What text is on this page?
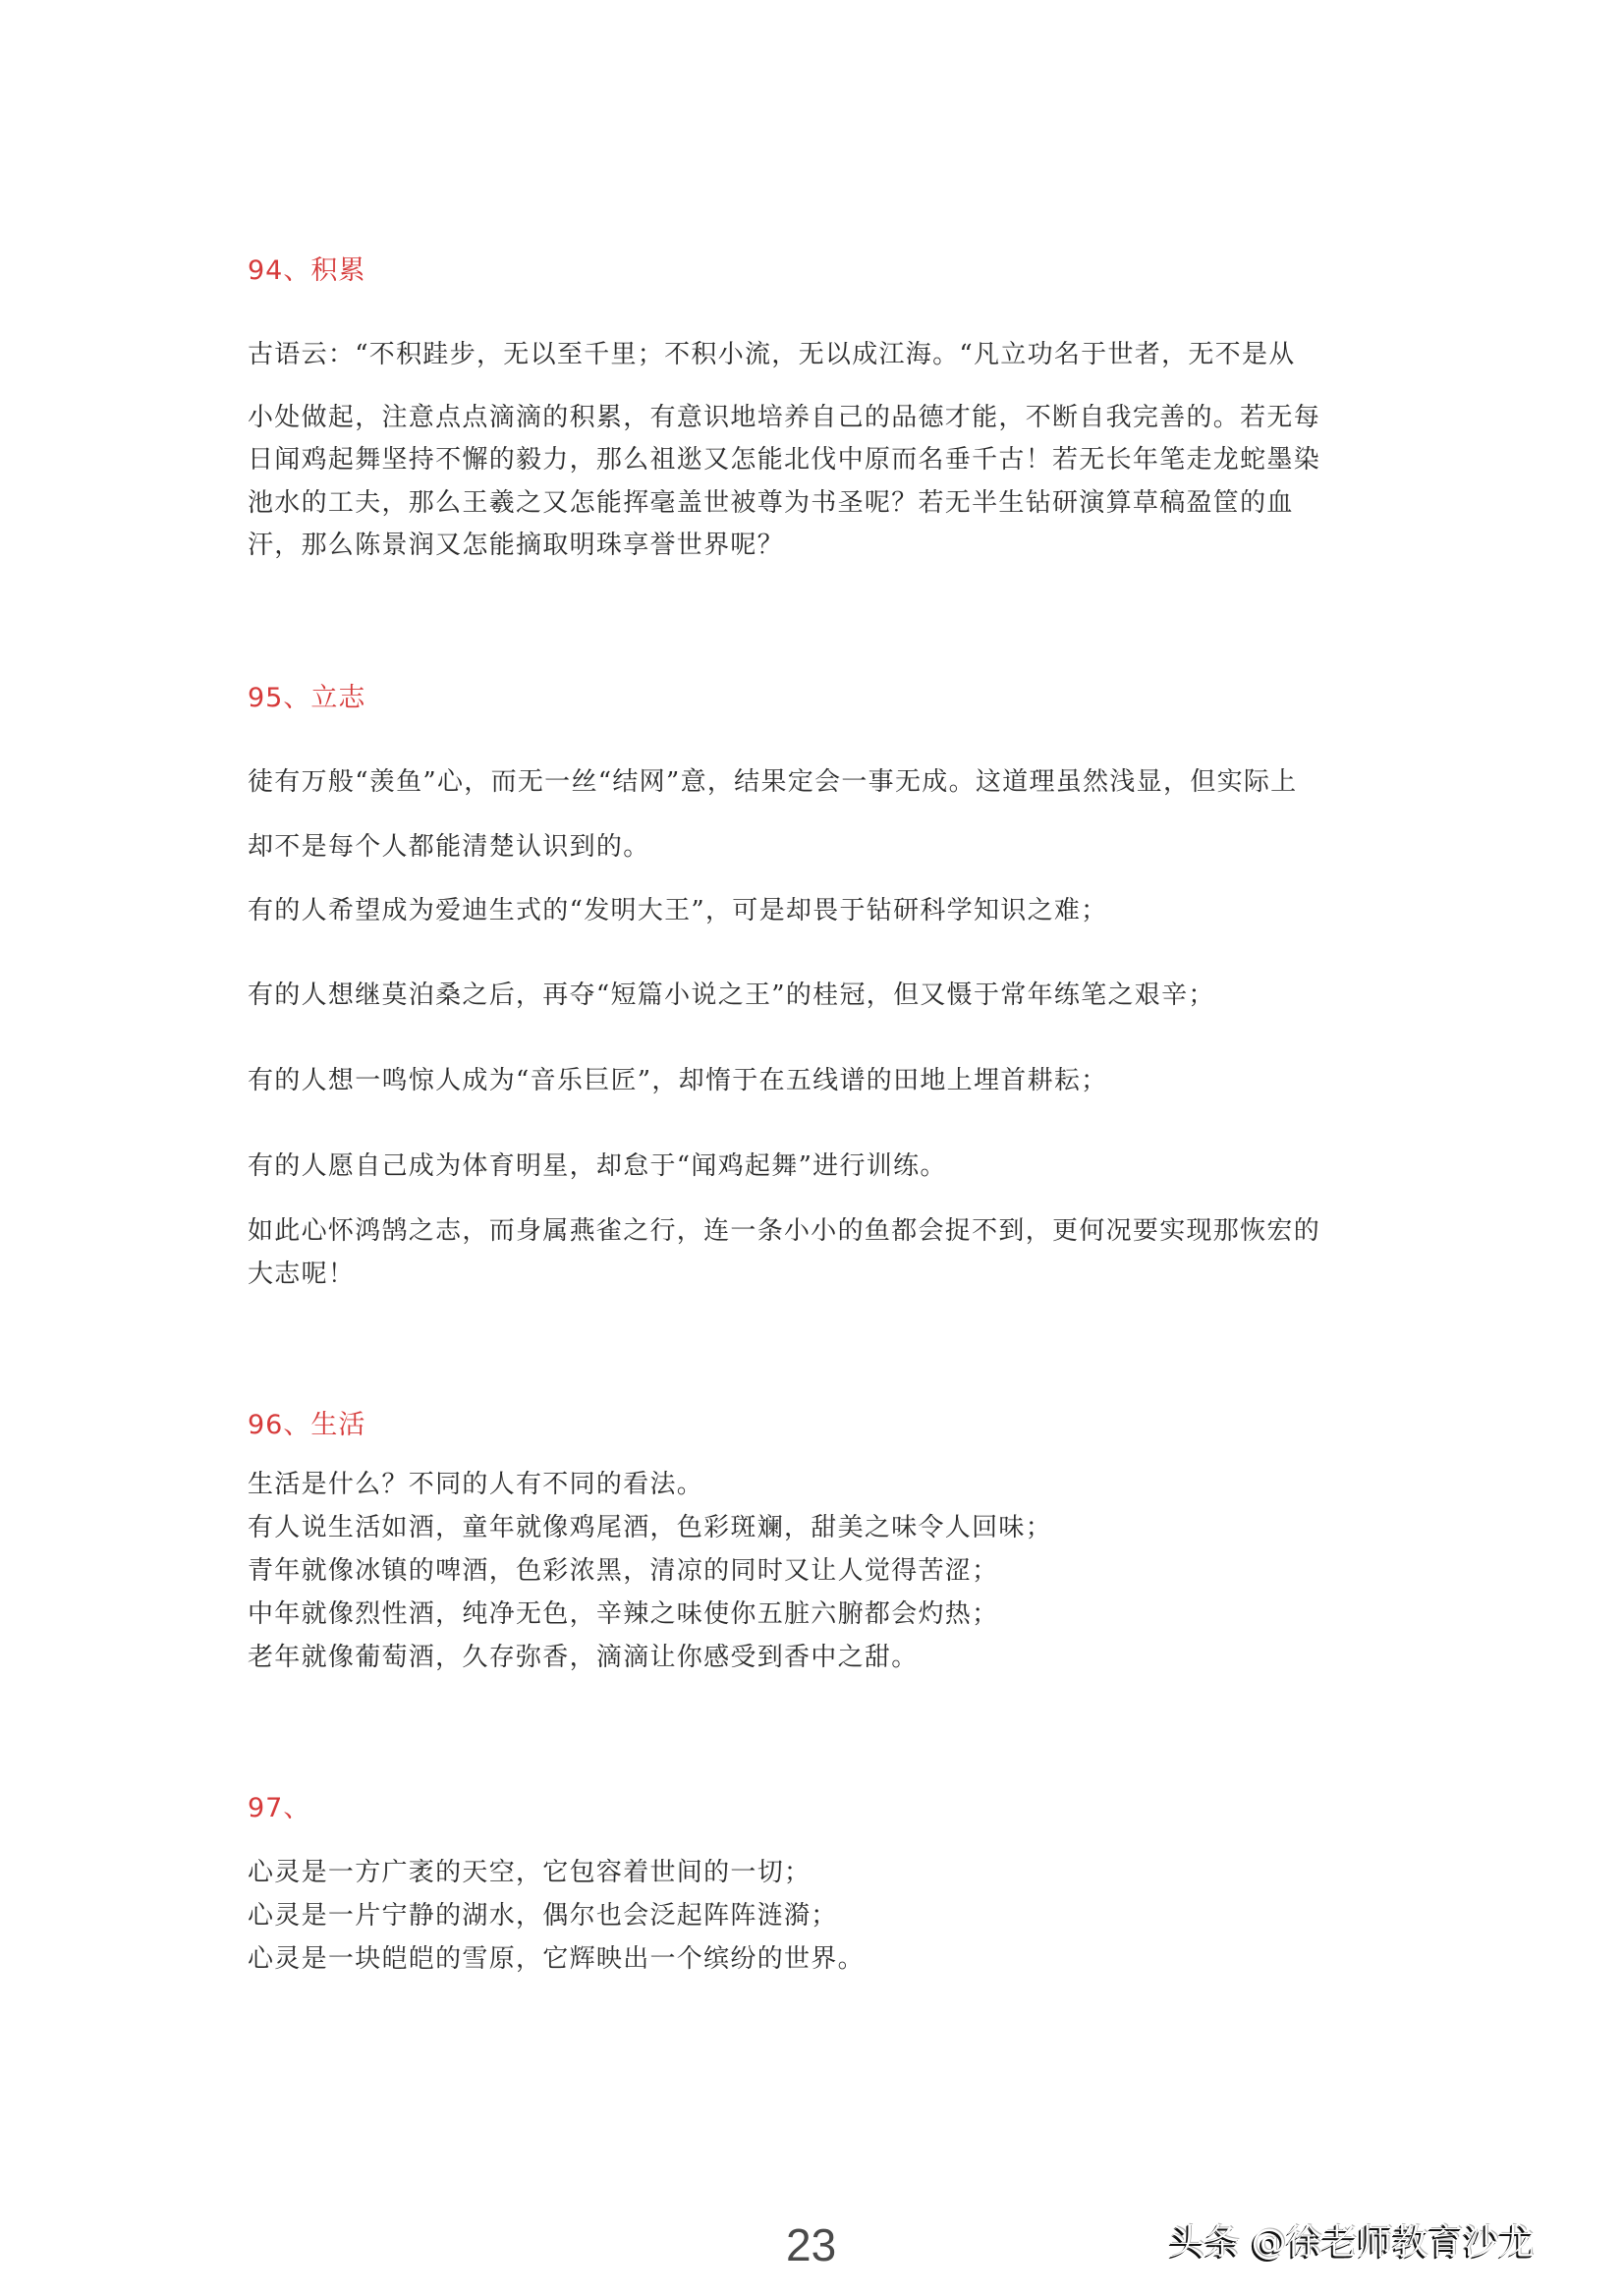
94、积累
古语云：“不积跬步，无以至千里；不积小流，无以成江海。“凡立功名于世者，无不是从
小处做起，注意点点滴滴的积累，有意识地培养自己的品德才能，不断自我完善的。若无每
日闻鸡起舞坚持不懈的毅力，那么祖逖又怎能北伐中原而名垂千古！若无长年笔走龙蛇墨染
池水的工夫，那么王羲之又怎能挥毫盖世被尊为书圣呢？若无半生钻研演算草稿盈筐的血
汗，那么陈景润又怎能摘取明珠享誉世界呢？
95、立志
徒有万般“羡鱼”心，而无一丝“结网”意，结果定会一事无成。这道理虽然浅显，但实际上
却不是每个人都能清楚认识到的。
有的人希望成为爱迪生式的“发明大王”，可是却畏于钻研科学知识之难；
有的人想继莫泊桑之后，再夺“短篇小说之王”的桂冠，但又慑于常年练笔之艰辛；
有的人想一鸣惊人成为“音乐巨匠”，却惰于在五线谱的田地上埋首耕耘；
有的人愿自己成为体育明星，却怠于“闻鸡起舞”进行训练。
如此心怀鸿鹄之志，而身属燕雀之行，连一条小小的鱼都会捉不到，更何况要实现那恢宏的
大志呢！
96、生活
生活是什么？不同的人有不同的看法。
有人说生活如酒，童年就像鸡尾酒，色彩斑斓，甜美之味令人回味；
青年就像冰镇的啤酒，色彩浓黑，清凉的同时又让人觉得苦涩；
中年就像烈性酒，纯净无色，辛辣之味使你五脏六腑都会灼热；
老年就像葡萄酒，久存弥香，滴滴让你感受到香中之甜。
97、
心灵是一方广袤的天空，它包容着世间的一切；
心灵是一片宁静的湖水，偶尔也会泛起阵阵涟漪；
心灵是一块皑皑的雪原，它辉映出一个缤纷的世界。
23	头条 @徐老师教育沙龙
